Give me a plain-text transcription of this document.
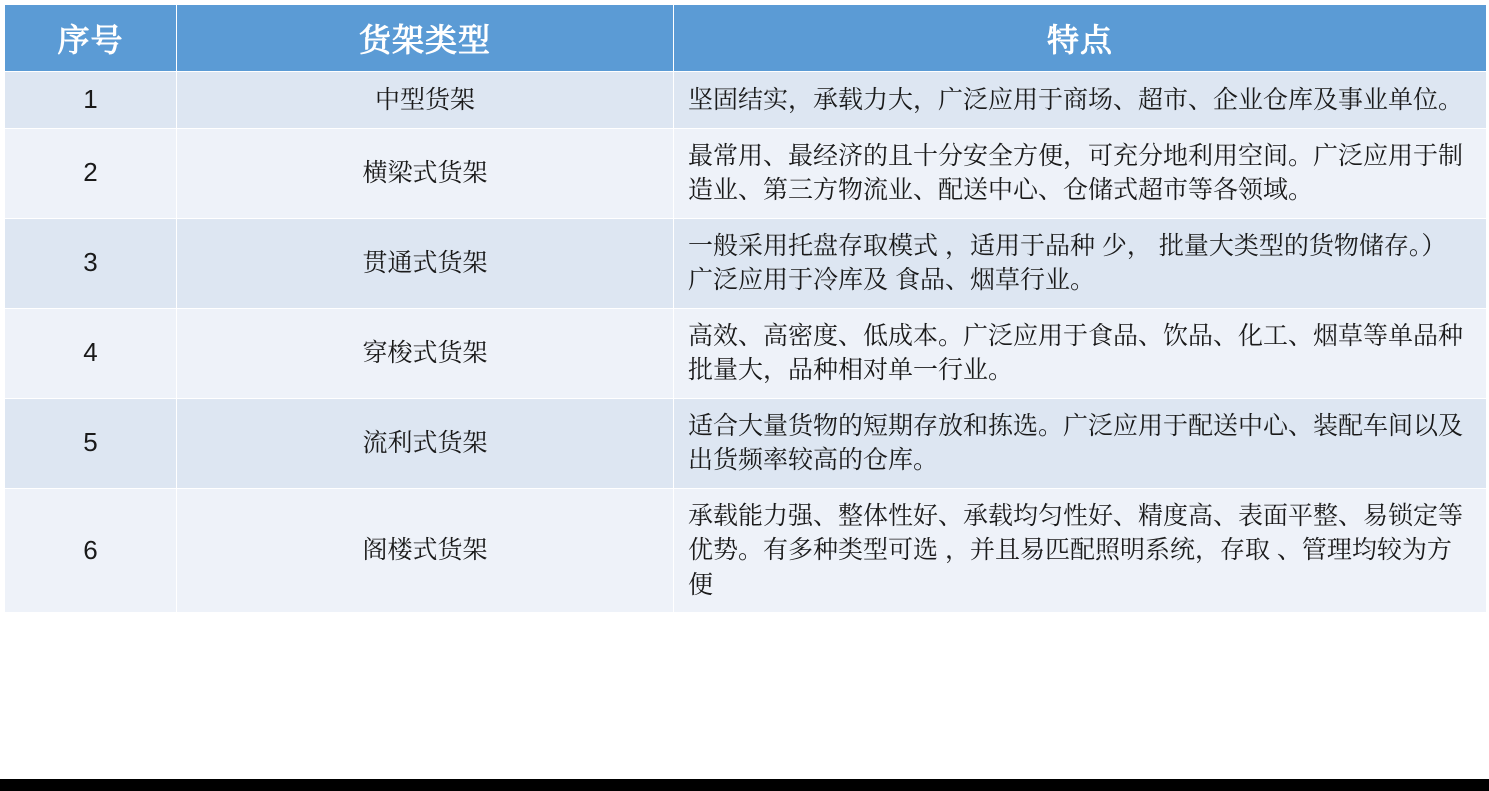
序号	货架类型	特点
1	中型货架	坚固结实，承载力大，广泛应用于商场、超市、企业仓库及事业单位。
2	横梁式货架	最常用、最经济的且十分安全方便，可充分地利用空间。广泛应用于制造业、第三方物流业、配送中心、仓储式超市等各领域。
3	贯通式货架	一般采用托盘存取模式 ，适用于品种 少， 批量大类型的货物储存。） 广泛应用于冷库及 食品、烟草行业。
4	穿梭式货架	高效、高密度、低成本。广泛应用于食品、饮品、化工、烟草等单品种批量大，品种相对单一行业。
5	流利式货架	适合大量货物的短期存放和拣选。广泛应用于配送中心、装配车间以及出货频率较高的仓库。
6	阁楼式货架	承载能力强、整体性好、承载均匀性好、精度高、表面平整、易锁定等优势。有多种类型可选 ，并且易匹配照明系统，存取 、管理均较为方便
